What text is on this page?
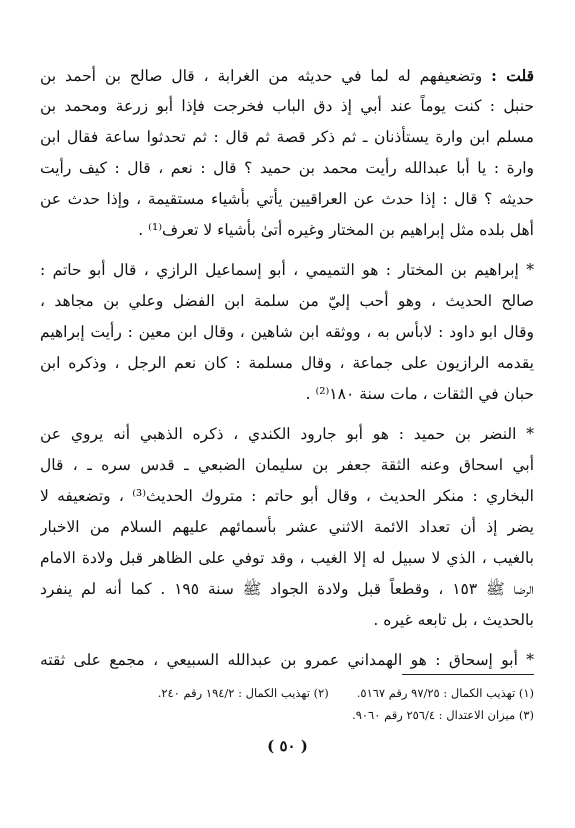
قلت : وتضعيفهم له لما في حديثه من الغرابة ، قال صالح بن أحمد بن
حنبل : كنت يوماً عند أبي إذ دق الباب فخرجت فإذا أبو زرعة ومحمد بن
مسلم ابن وارة يستأذنان ـ ثم ذكر قصة ثم قال : ثم تحدثوا ساعة فقال ابن
وارة : يا أبا عبدالله رأيت محمد بن حميد ؟ قال : نعم ، قال : كيف رأيت
حديثه ؟ قال : إذا حدث عن العراقيين يأتي بأشياء مستقيمة ، وإذا حدث عن
أهل بلده مثل إبراهيم بن المختار وغيره أتىٰ بأشياء لا تعرف⁽¹⁾ .
* إبراهيم بن المختار : هو التميمي ، أبو إسماعيل الرازي ، قال أبو حاتم :
صالح الحديث ، وهو أحب إليّ من سلمة ابن الفضل وعلي بن مجاهد ،
وقال ابو داود : لابأس به ، ووثقه ابن شاهين ، وقال ابن معين : رأيت إبراهيم
يقدمه الرازيون على جماعة ، وقال مسلمة : كان نعم الرجل ، وذكره ابن
حبان في الثقات ، مات سنة ١٨٠⁽²⁾ .
* النضر بن حميد : هو أبو جارود الكندي ، ذكره الذهبي أنه يروي عن
أبي اسحاق وعنه الثقة جعفر بن سليمان الضبعي ـ قدس سره ـ ، قال
البخاري : منكر الحديث ، وقال أبو حاتم : متروك الحديث⁽³⁾ ، وتضعيفه لا
يضر إذ أن تعداد الائمة الاثني عشر بأسمائهم عليهم السلام من الاخبار
بالغيب ، الذي لا سبيل له إلا الغيب ، وقد توفي على الظاهر قبل ولادة الامام
الرضا ﷺ ١٥٣ ، وقطعاً قبل ولادة الجواد ﷺ سنة ١٩٥ . كما أنه لم ينفرد
بالحديث ، بل تابعه غيره .
* أبو إسحاق : هو الهمداني عمرو بن عبدالله السبيعي ، مجمع على ثقته
(١) تهذيب الكمال : ٩٧/٢٥ رقم ٥١٦٧.
(٢) تهذيب الكمال : ١٩٤/٢ رقم ٢٤٠.
(٣) ميزان الاعتدال : ٢٥٦/٤ رقم ٩٠٦٠.
( ٥٠ )
